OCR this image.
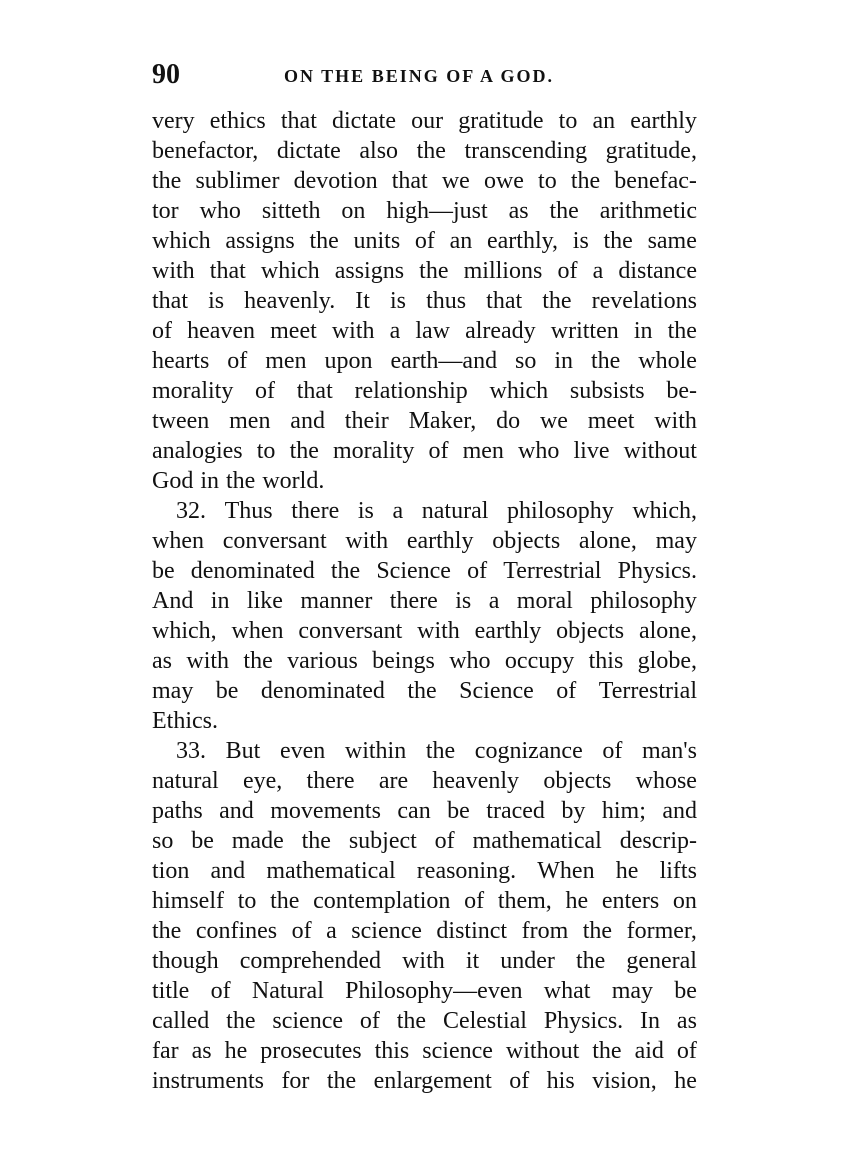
90	ON THE BEING OF A GOD.
very ethics that dictate our gratitude to an earthly
benefactor, dictate also the transcending gratitude,
the sublimer devotion that we owe to the benefac-
tor who sitteth on high—just as the arithmetic
which assigns the units of an earthly, is the same
with that which assigns the millions of a distance
that is heavenly. It is thus that the revelations
of heaven meet with a law already written in the
hearts of men upon earth—and so in the whole
morality of that relationship which subsists be-
tween men and their Maker, do we meet with
analogies to the morality of men who live without
God in the world.
32. Thus there is a natural philosophy which,
when conversant with earthly objects alone, may
be denominated the Science of Terrestrial Physics.
And in like manner there is a moral philosophy
which, when conversant with earthly objects alone,
as with the various beings who occupy this globe,
may be denominated the Science of Terrestrial
Ethics.
33. But even within the cognizance of man's
natural eye, there are heavenly objects whose
paths and movements can be traced by him; and
so be made the subject of mathematical descrip-
tion and mathematical reasoning. When he lifts
himself to the contemplation of them, he enters on
the confines of a science distinct from the former,
though comprehended with it under the general
title of Natural Philosophy—even what may be
called the science of the Celestial Physics. In as
far as he prosecutes this science without the aid of
instruments for the enlargement of his vision, he
